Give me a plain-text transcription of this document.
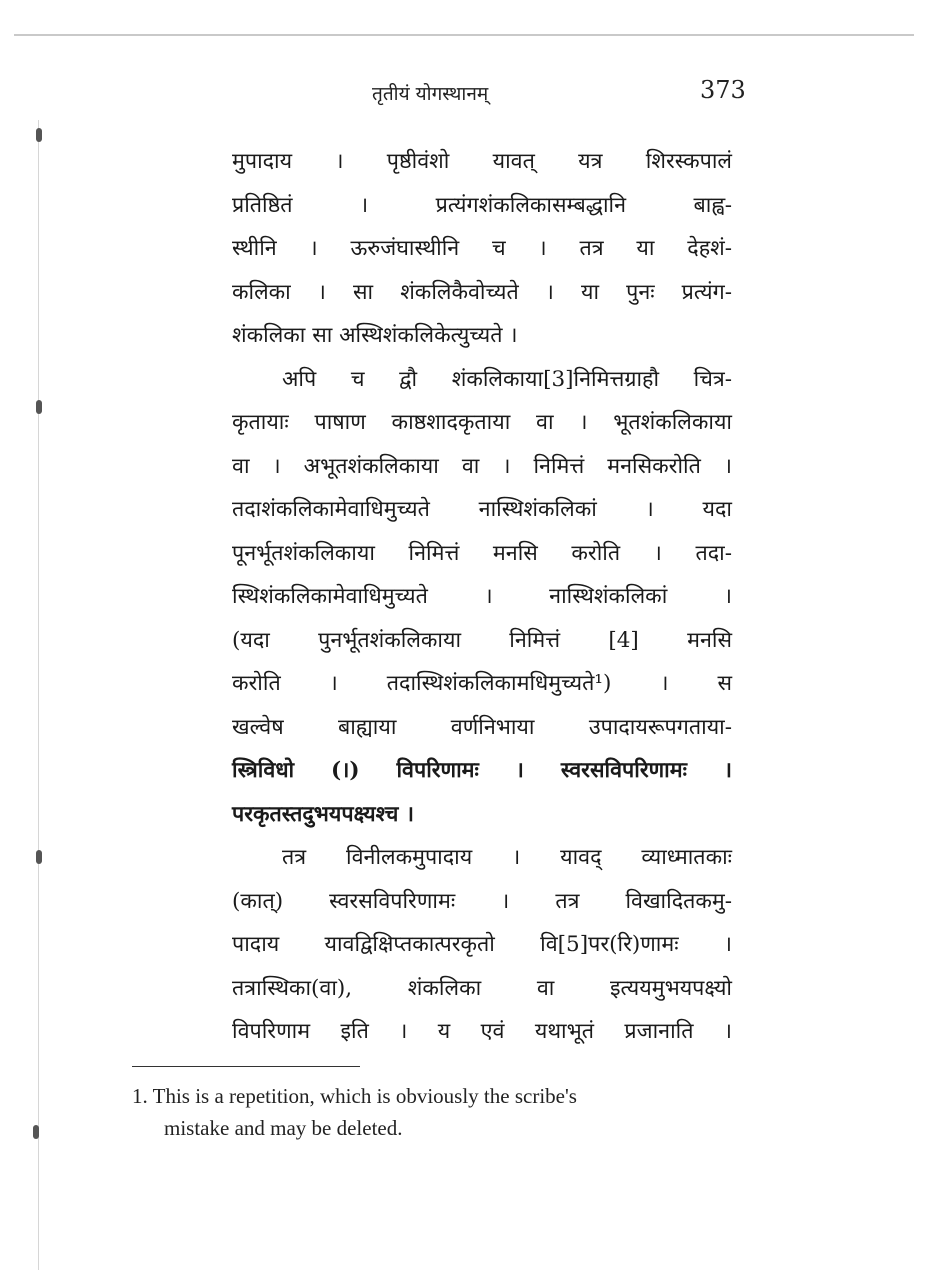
तृतीयं योगस्थानम्	373
मुपादाय । पृष्ठीवंशो यावत् यत्र शिरस्कपालं
प्रतिष्ठितं । प्रत्यंगशंकलिकासम्बद्धानि बाह्व-
स्थीनि । ऊरुजंघास्थीनि च । तत्र या देहशं-
कलिका । सा शंकलिकैवोच्यते । या पुनः प्रत्यंग-
शंकलिका सा अस्थिशंकलिकेत्युच्यते ।
अपि च द्वौ शंकलिकाया[3]निमित्तग्राहौ चित्र-
कृतायाः पाषाण काष्ठशादकृताया वा । भूतशंकलिकाया
वा । अभूतशंकलिकाया वा । निमित्तं मनसिकरोति ।
तदाशंकलिकामेवाधिमुच्यते नास्थिशंकलिकां । यदा
पूनर्भूतशंकलिकाया निमित्तं मनसि करोति । तदा-
स्थिशंकलिकामेवाधिमुच्यते । नास्थिशंकलिकां ।
(यदा पुनर्भूतशंकलिकाया निमित्तं [4] मनसि
करोति । तदास्थिशंकलिकामधिमुच्यते¹) । स
खल्वेष बाह्याया वर्णनिभाया उपादायरूपगताया-
स्त्रिविधो (।) विपरिणामः । स्वरसविपरिणामः ।
परकृतस्तदुभयपक्ष्यश्च ।
तत्र विनीलकमुपादाय । यावद् व्याध्मातकाः
(कात्) स्वरसविपरिणामः । तत्र विखादितकमु-
पादाय यावद्विक्षिप्तकात्परकृतो वि[5]पर(रि)णामः ।
तत्रास्थिका(वा), शंकलिका वा इत्ययमुभयपक्ष्यो
विपरिणाम इति । य एवं यथाभूतं प्रजानाति ।
1. This is a repetition, which is obviously the scribe's
mistake and may be deleted.
